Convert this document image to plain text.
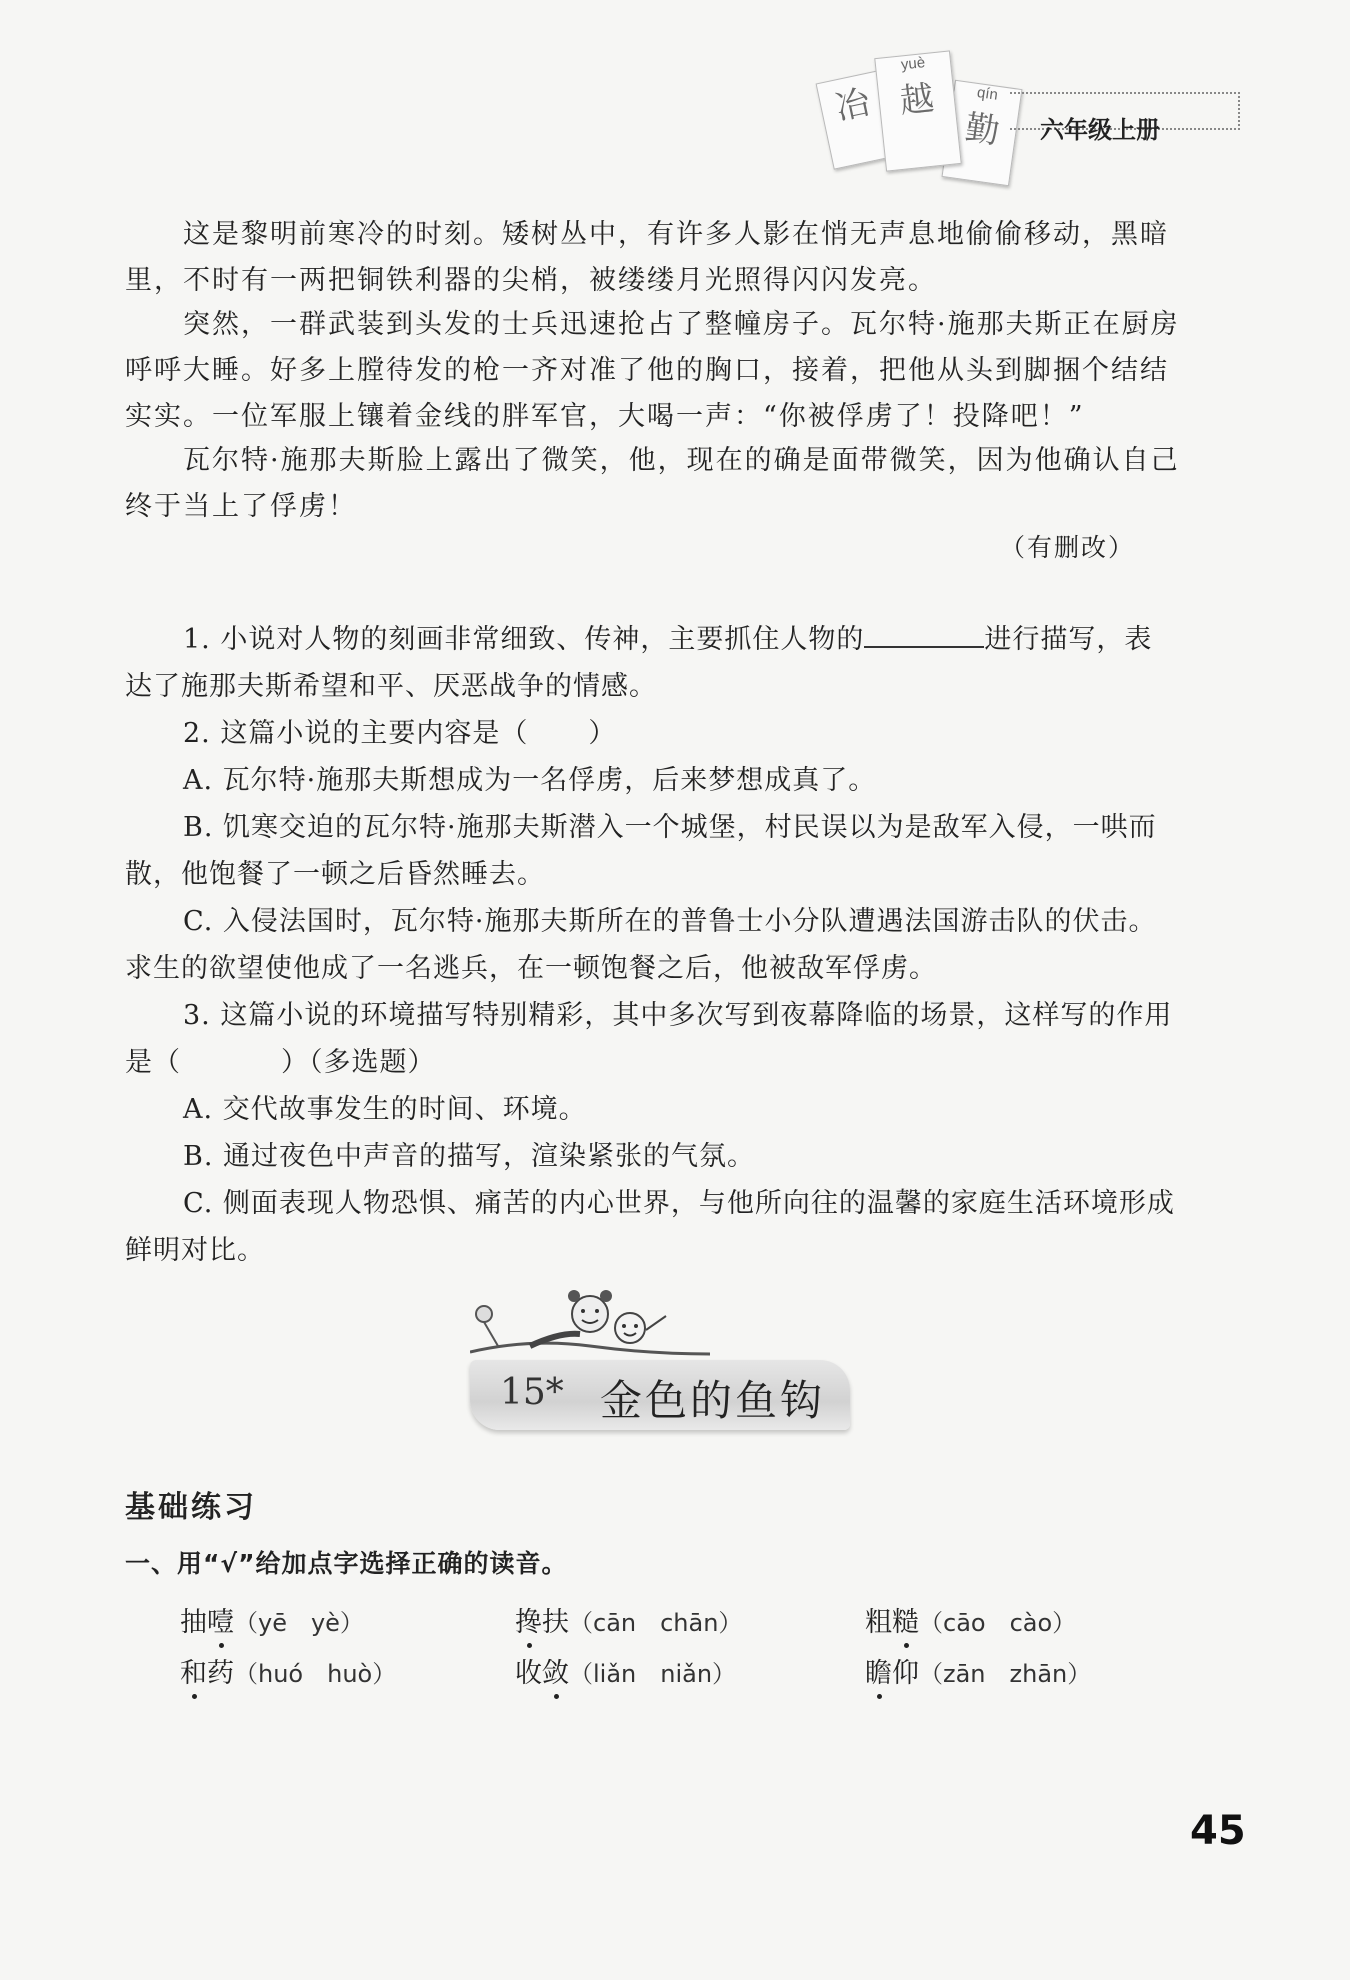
冶
yuè
越	qín
勤	六年级上册

这是黎明前寒冷的时刻。矮树丛中，有许多人影在悄无声息地偷偷移动，黑暗里，不时有一两把铜铁利器的尖梢，被缕缕月光照得闪闪发亮。

突然，一群武装到头发的士兵迅速抢占了整幢房子。瓦尔特·施那夫斯正在厨房呼呼大睡。好多上膛待发的枪一齐对准了他的胸口，接着，把他从头到脚捆个结结实实。一位军服上镶着金线的胖军官，大喝一声：“你被俘虏了！投降吧！”

瓦尔特·施那夫斯脸上露出了微笑，他，现在的确是面带微笑，因为他确认自己终于当上了俘虏！

（有删改）

1. 小说对人物的刻画非常细致、传神，主要抓住人物的	进行描写，表达了施那夫斯希望和平、厌恶战争的情感。

2. 这篇小说的主要内容是（ ）

A. 瓦尔特·施那夫斯想成为一名俘虏，后来梦想成真了。

B. 饥寒交迫的瓦尔特·施那夫斯潜入一个城堡，村民误以为是敌军入侵，一哄而散，他饱餐了一顿之后昏然睡去。

C. 入侵法国时，瓦尔特·施那夫斯所在的普鲁士小分队遭遇法国游击队的伏击。求生的欲望使他成了一名逃兵，在一顿饱餐之后，他被敌军俘虏。

3. 这篇小说的环境描写特别精彩，其中多次写到夜幕降临的场景，这样写的作用是（	）（多选题）

A. 交代故事发生的时间、环境。

B. 通过夜色中声音的描写，渲染紧张的气氛。

C. 侧面表现人物恐惧、痛苦的内心世界，与他所向往的温馨的家庭生活环境形成鲜明对比。

15* 金色的鱼钩
基础练习
一、用“√”给加点字选择正确的读音。
抽噎（yē　yè）	搀扶（cān　chān）	粗糙（cāo　cào）
和药（huó　huò）	收敛（liǎn　niǎn）	瞻仰（zān　zhān）
45
